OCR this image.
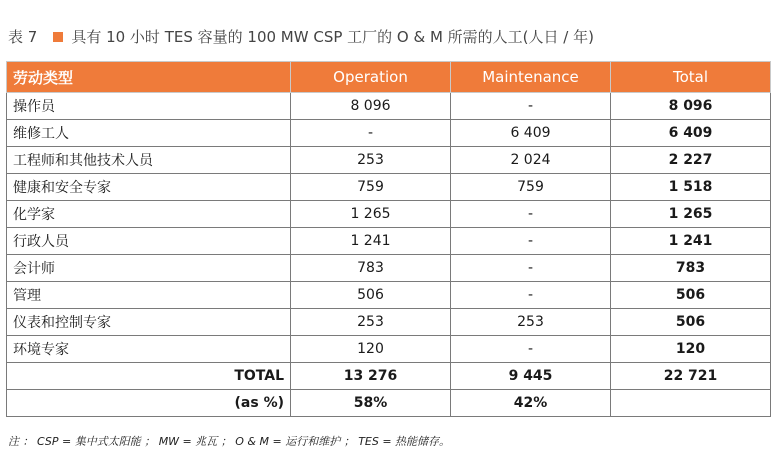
表 7 具有 10 小时 TES 容量的 100 MW CSP 工厂的 O & M 所需的人工(人日 / 年)
劳动类型	Operation	Maintenance	Total
操作员	8 096	-	8 096
维修工人	-	6 409	6 409
工程师和其他技术人员	253	2 024	2 227
健康和安全专家	759	759	1 518
化学家	1 265	-	1 265
行政人员	1 241	-	1 241
会计师	783	-	783
管理	506	-	506
仪表和控制专家	253	253	506
环境专家	120	-	120
TOTAL	13 276	9 445	22 721
(as %)	58%	42%	
注 ： CSP = 集中式太阳能 ； MW = 兆瓦 ； O & M = 运行和维护 ； TES = 热能储存。
